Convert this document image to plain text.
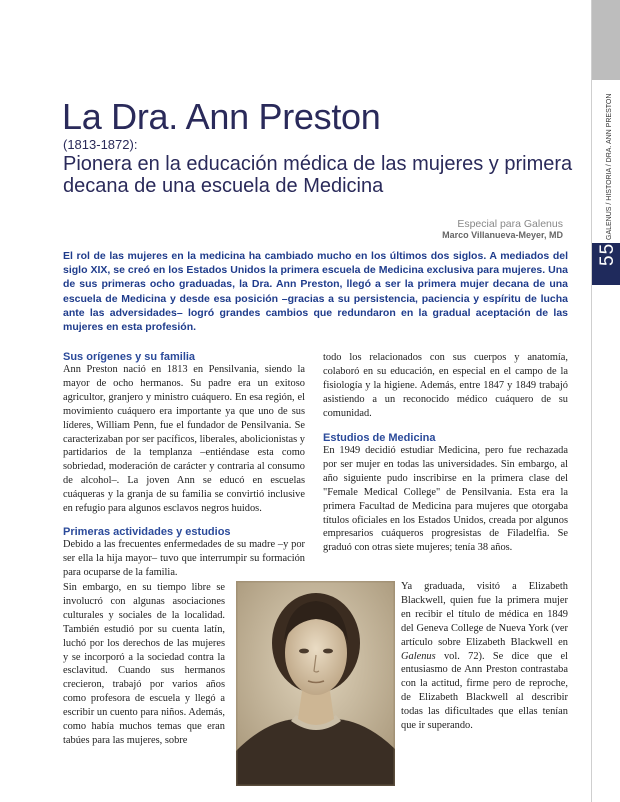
GALENUS / HISTORIA / DRA. ANN PRESTON
55
La Dra. Ann Preston
(1813-1872):
Pionera en la educación médica de las mujeres y primera decana de una escuela de Medicina
Especial para Galenus
Marco Villanueva-Meyer, MD
El rol de las mujeres en la medicina ha cambiado mucho en los últimos dos siglos. A mediados del siglo XIX, se creó en los Estados Unidos la primera escuela de Medicina exclusiva para mujeres. Una de sus primeras ocho graduadas, la Dra. Ann Preston, llegó a ser la primera mujer decana de una escuela de Medicina y desde esa posición –gracias a su persistencia, paciencia y espíritu de lucha ante las adversidades– logró grandes cambios que redundaron en la gradual aceptación de las mujeres en esta profesión.

Sus orígenes y su familia

Ann Preston nació en 1813 en Pensilvania, siendo la mayor de ocho hermanos. Su padre era un exitoso agricultor, granjero y ministro cuáquero. En esa región, el movimiento cuáquero era importante ya que uno de sus líderes, William Penn, fue el fundador de Pensilvania. Se caracterizaban por ser pacíficos, liberales, abolicionistas y partidarios de la templanza –entiéndase esta como sobriedad, moderación de carácter y contraria al consumo de alcohol–. La joven Ann se educó en escuelas cuáqueras y la granja de su familia se convirtió inclusive en refugio para algunos esclavos negros huidos.

Primeras actividades y estudios

Debido a las frecuentes enfermedades de su madre –y por ser ella la hija mayor– tuvo que interrumpir su formación para ocuparse de la familia.

Sin embargo, en su tiempo libre se involucró con algunas asociaciones culturales y sociales de la localidad. También estudió por su cuenta latín, luchó por los derechos de las mujeres y se incorporó a la sociedad contra la esclavitud. Cuando sus hermanos crecieron, trabajó por varios años como profesora de escuela y llegó a escribir un cuento para niños. Además, como había muchos temas que eran tabúes para las mujeres, sobre

todo los relacionados con sus cuerpos y anatomía, colaboró en su educación, en especial en el campo de la fisiología y la higiene. Además, entre 1847 y 1849 trabajó asistiendo a un reconocido médico cuáquero de su comunidad.

Estudios de Medicina

En 1949 decidió estudiar Medicina, pero fue rechazada por ser mujer en todas las universidades. Sin embargo, al año siguiente pudo inscribirse en la primera clase del "Female Medical College" de Pensilvania. Esta era la primera Facultad de Medicina para mujeres que otorgaba títulos oficiales en los Estados Unidos, creada por algunos empresarios cuáqueros progresistas de Filadelfia. Se graduó con otras siete mujeres; tenía 38 años.

Ya graduada, visitó a Elizabeth Blackwell, quien fue la primera mujer en recibir el título de médica en 1849 del Geneva College de Nueva York (ver artículo sobre Elizabeth Blackwell en Galenus vol. 72). Se dice que el entusiasmo de Ann Preston contrastaba con la actitud, firme pero de reproche, de Elizabeth Blackwell al describir todas las dificultades que ellas tenían que ir superando.
